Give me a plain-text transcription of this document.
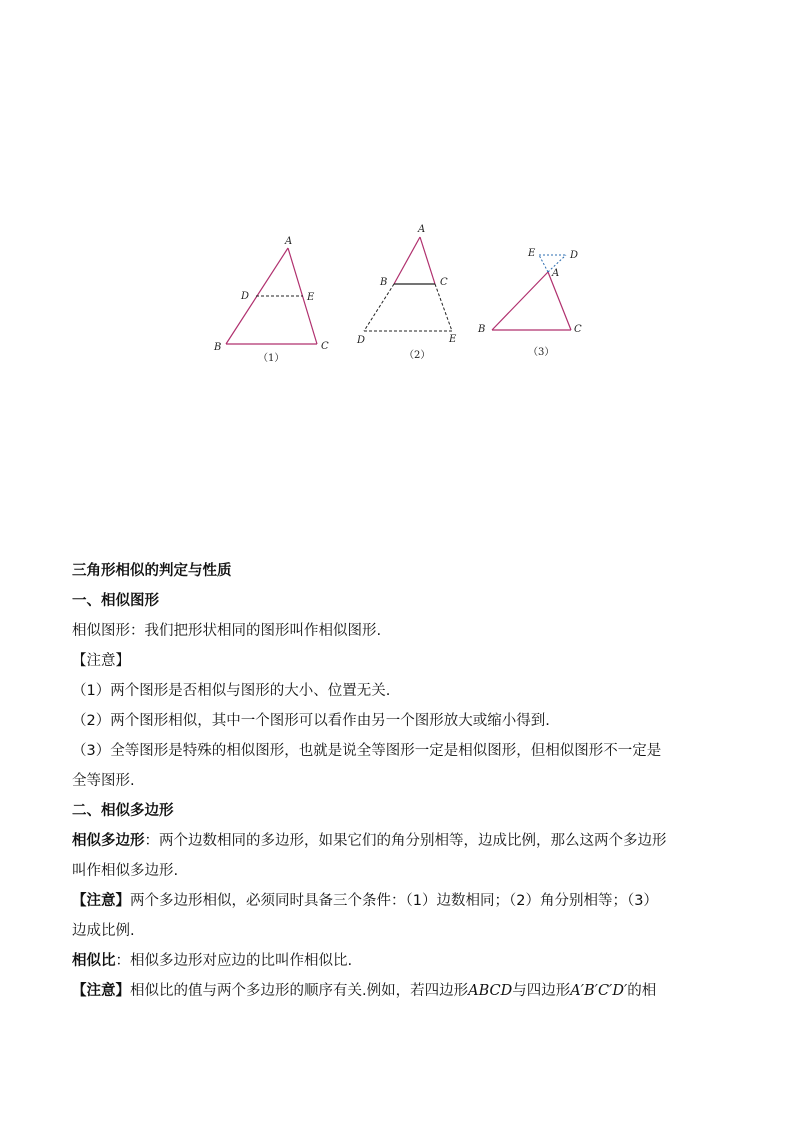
A
D	E
B	C
（1）
A
B	C
D	E
（2）
E	D
A
B	C
（3）
三角形相似的判定与性质
一、相似图形
相似图形：我们把形状相同的图形叫作相似图形.
【注意】
（1）两个图形是否相似与图形的大小、位置无关.
（2）两个图形相似，其中一个图形可以看作由另一个图形放大或缩小得到.
（3）全等图形是特殊的相似图形，也就是说全等图形一定是相似图形，但相似图形不一定是
全等图形.
二、相似多边形
相似多边形：两个边数相同的多边形，如果它们的角分别相等，边成比例，那么这两个多边形
叫作相似多边形.
【注意】两个多边形相似，必须同时具备三个条件：（1）边数相同；（2）角分别相等；（3）
边成比例.
相似比：相似多边形对应边的比叫作相似比.
【注意】相似比的值与两个多边形的顺序有关.例如，若四边形ABCD与四边形A′B′C′D′的相
